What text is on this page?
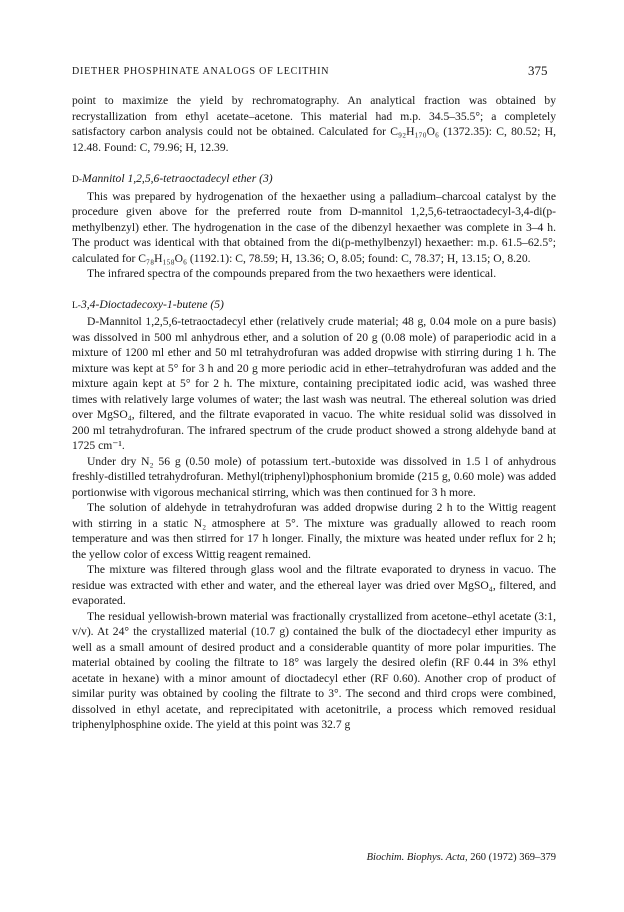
DIETHER PHOSPHINATE ANALOGS OF LECITHIN	375

point to maximize the yield by rechromatography. An analytical fraction was obtained by recrystallization from ethyl acetate–acetone. This material had m.p. 34.5–35.5°; a completely satisfactory carbon analysis could not be obtained. Calculated for C₉₂H₁₇₀O₆ (1372.35): C, 80.52; H, 12.48. Found: C, 79.96; H, 12.39.

D-Mannitol 1,2,5,6-tetraoctadecyl ether (3)

This was prepared by hydrogenation of the hexaether using a palladium–charcoal catalyst by the procedure given above for the preferred route from D-mannitol 1,2,5,6-tetraoctadecyl-3,4-di(p-methylbenzyl) ether. The hydrogenation in the case of the dibenzyl hexaether was complete in 3–4 h. The product was identical with that obtained from the di(p-methylbenzyl) hexaether: m.p. 61.5–62.5°; calculated for C₇₈H₁₅₈O₆ (1192.1): C, 78.59; H, 13.36; O, 8.05; found: C, 78.37; H, 13.15; O, 8.20.

The infrared spectra of the compounds prepared from the two hexaethers were identical.

L-3,4-Dioctadecoxy-1-butene (5)

D-Mannitol 1,2,5,6-tetraoctadecyl ether (relatively crude material; 48 g, 0.04 mole on a pure basis) was dissolved in 500 ml anhydrous ether, and a solution of 20 g (0.08 mole) of paraperiodic acid in a mixture of 1200 ml ether and 50 ml tetrahydrofuran was added dropwise with stirring during 1 h. The mixture was kept at 5° for 3 h and 20 g more periodic acid in ether–tetrahydrofuran was added and the mixture again kept at 5° for 2 h. The mixture, containing precipitated iodic acid, was washed three times with relatively large volumes of water; the last wash was neutral. The ethereal solution was dried over MgSO₄, filtered, and the filtrate evaporated in vacuo. The white residual solid was dissolved in 200 ml tetrahydrofuran. The infrared spectrum of the crude product showed a strong aldehyde band at 1725 cm⁻¹.

Under dry N₂ 56 g (0.50 mole) of potassium tert.-butoxide was dissolved in 1.5 l of anhydrous freshly-distilled tetrahydrofuran. Methyl(triphenyl)phosphonium bromide (215 g, 0.60 mole) was added portionwise with vigorous mechanical stirring, which was then continued for 3 h more.

The solution of aldehyde in tetrahydrofuran was added dropwise during 2 h to the Wittig reagent with stirring in a static N₂ atmosphere at 5°. The mixture was gradually allowed to reach room temperature and was then stirred for 17 h longer. Finally, the mixture was heated under reflux for 2 h; the yellow color of excess Wittig reagent remained.

The mixture was filtered through glass wool and the filtrate evaporated to dryness in vacuo. The residue was extracted with ether and water, and the ethereal layer was dried over MgSO₄, filtered, and evaporated.

The residual yellowish-brown material was fractionally crystallized from acetone–ethyl acetate (3:1, v/v). At 24° the crystallized material (10.7 g) contained the bulk of the dioctadecyl ether impurity as well as a small amount of desired product and a considerable quantity of more polar impurities. The material obtained by cooling the filtrate to 18° was largely the desired olefin (RF 0.44 in 3% ethyl acetate in hexane) with a minor amount of dioctadecyl ether (RF 0.60). Another crop of product of similar purity was obtained by cooling the filtrate to 3°. The second and third crops were combined, dissolved in ethyl acetate, and reprecipitated with acetonitrile, a process which removed residual triphenylphosphine oxide. The yield at this point was 32.7 g

Biochim. Biophys. Acta, 260 (1972) 369–379
